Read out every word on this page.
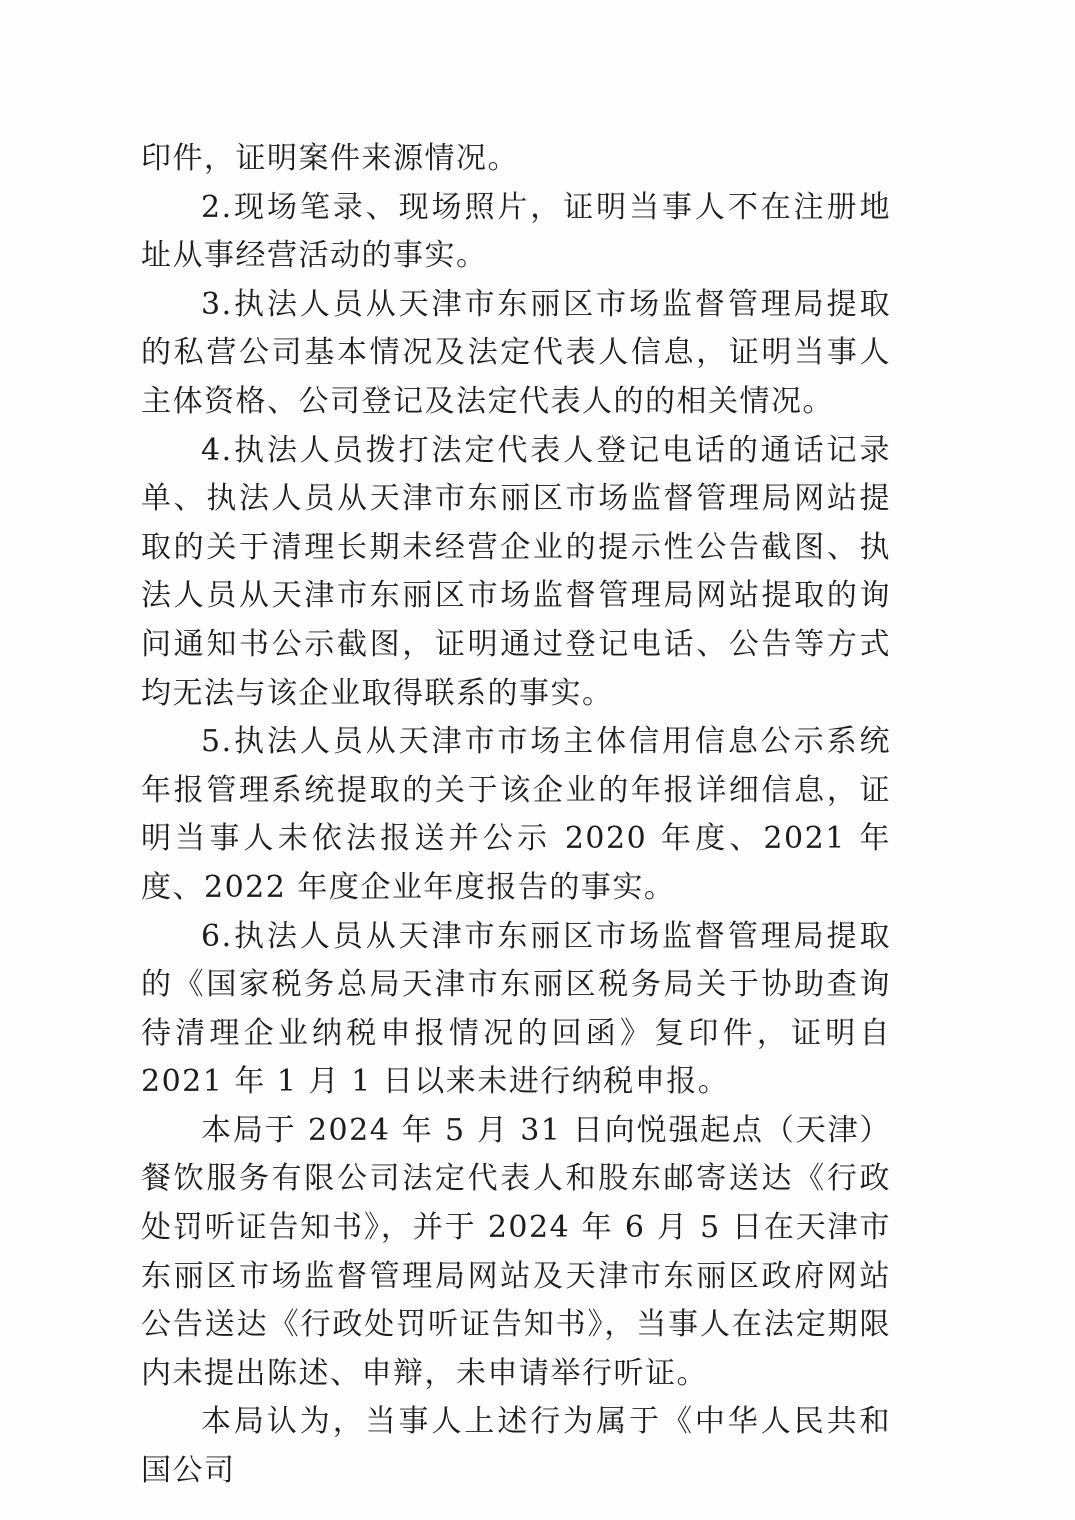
印件，证明案件来源情况。

2.现场笔录、现场照片，证明当事人不在注册地址从事经营活动的事实。

3.执法人员从天津市东丽区市场监督管理局提取的私营公司基本情况及法定代表人信息，证明当事人主体资格、公司登记及法定代表人的的相关情况。

4.执法人员拨打法定代表人登记电话的通话记录单、执法人员从天津市东丽区市场监督管理局网站提取的关于清理长期未经营企业的提示性公告截图、执法人员从天津市东丽区市场监督管理局网站提取的询问通知书公示截图，证明通过登记电话、公告等方式均无法与该企业取得联系的事实。

5.执法人员从天津市市场主体信用信息公示系统年报管理系统提取的关于该企业的年报详细信息，证明当事人未依法报送并公示 2020 年度、2021 年度、2022 年度企业年度报告的事实。

6.执法人员从天津市东丽区市场监督管理局提取的《国家税务总局天津市东丽区税务局关于协助查询待清理企业纳税申报情况的回函》复印件，证明自 2021 年 1 月 1 日以来未进行纳税申报。

本局于 2024 年 5 月 31 日向悦强起点（天津）餐饮服务有限公司法定代表人和股东邮寄送达《行政处罚听证告知书》，并于 2024 年 6 月 5 日在天津市东丽区市场监督管理局网站及天津市东丽区政府网站公告送达《行政处罚听证告知书》，当事人在法定期限内未提出陈述、申辩，未申请举行听证。

本局认为，当事人上述行为属于《中华人民共和国公司
